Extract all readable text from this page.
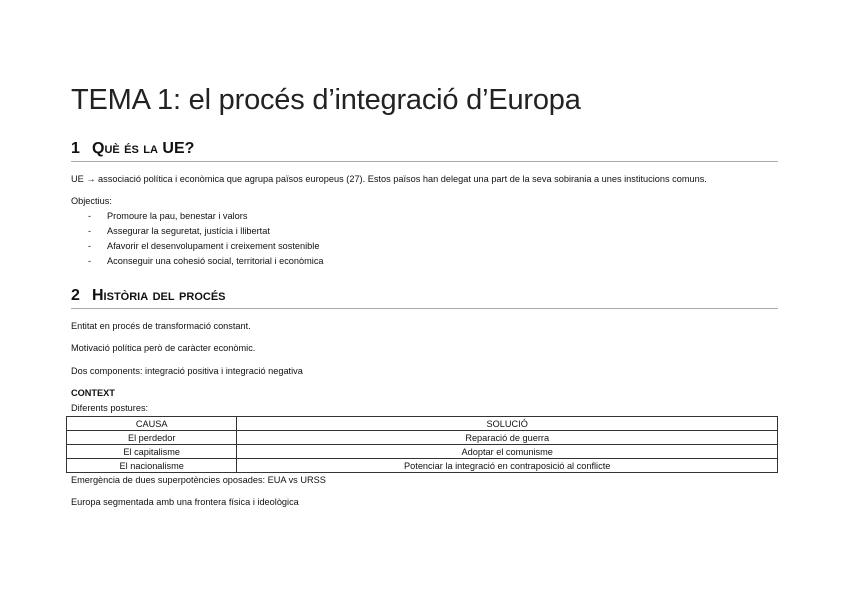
TEMA 1: el procés d’integració d’Europa
1 Què és la UE?

UE → associació política i econòmica que agrupa països europeus (27). Estos països han delegat una part de la seva sobirania a unes institucions comuns.

Objectius:

- Promoure la pau, benestar i valors
- Assegurar la seguretat, justícia i llibertat
- Afavorir el desenvolupament i creixement sostenible
- Aconseguir una cohesió social, territorial i econòmica
2 Història del procés

Entitat en procés de transformació constant.

Motivació política però de caràcter econòmic.

Dos components: integració positiva i integració negativa

CONTEXT

Diferents postures:

CAUSA	SOLUCIÓ
El perdedor	Reparació de guerra
El capitalisme	Adoptar el comunisme
El nacionalisme	Potenciar la integració en contraposició al conflicte

Emergència de dues superpotències oposades: EUA vs URSS

Europa segmentada amb una frontera física i ideològica
